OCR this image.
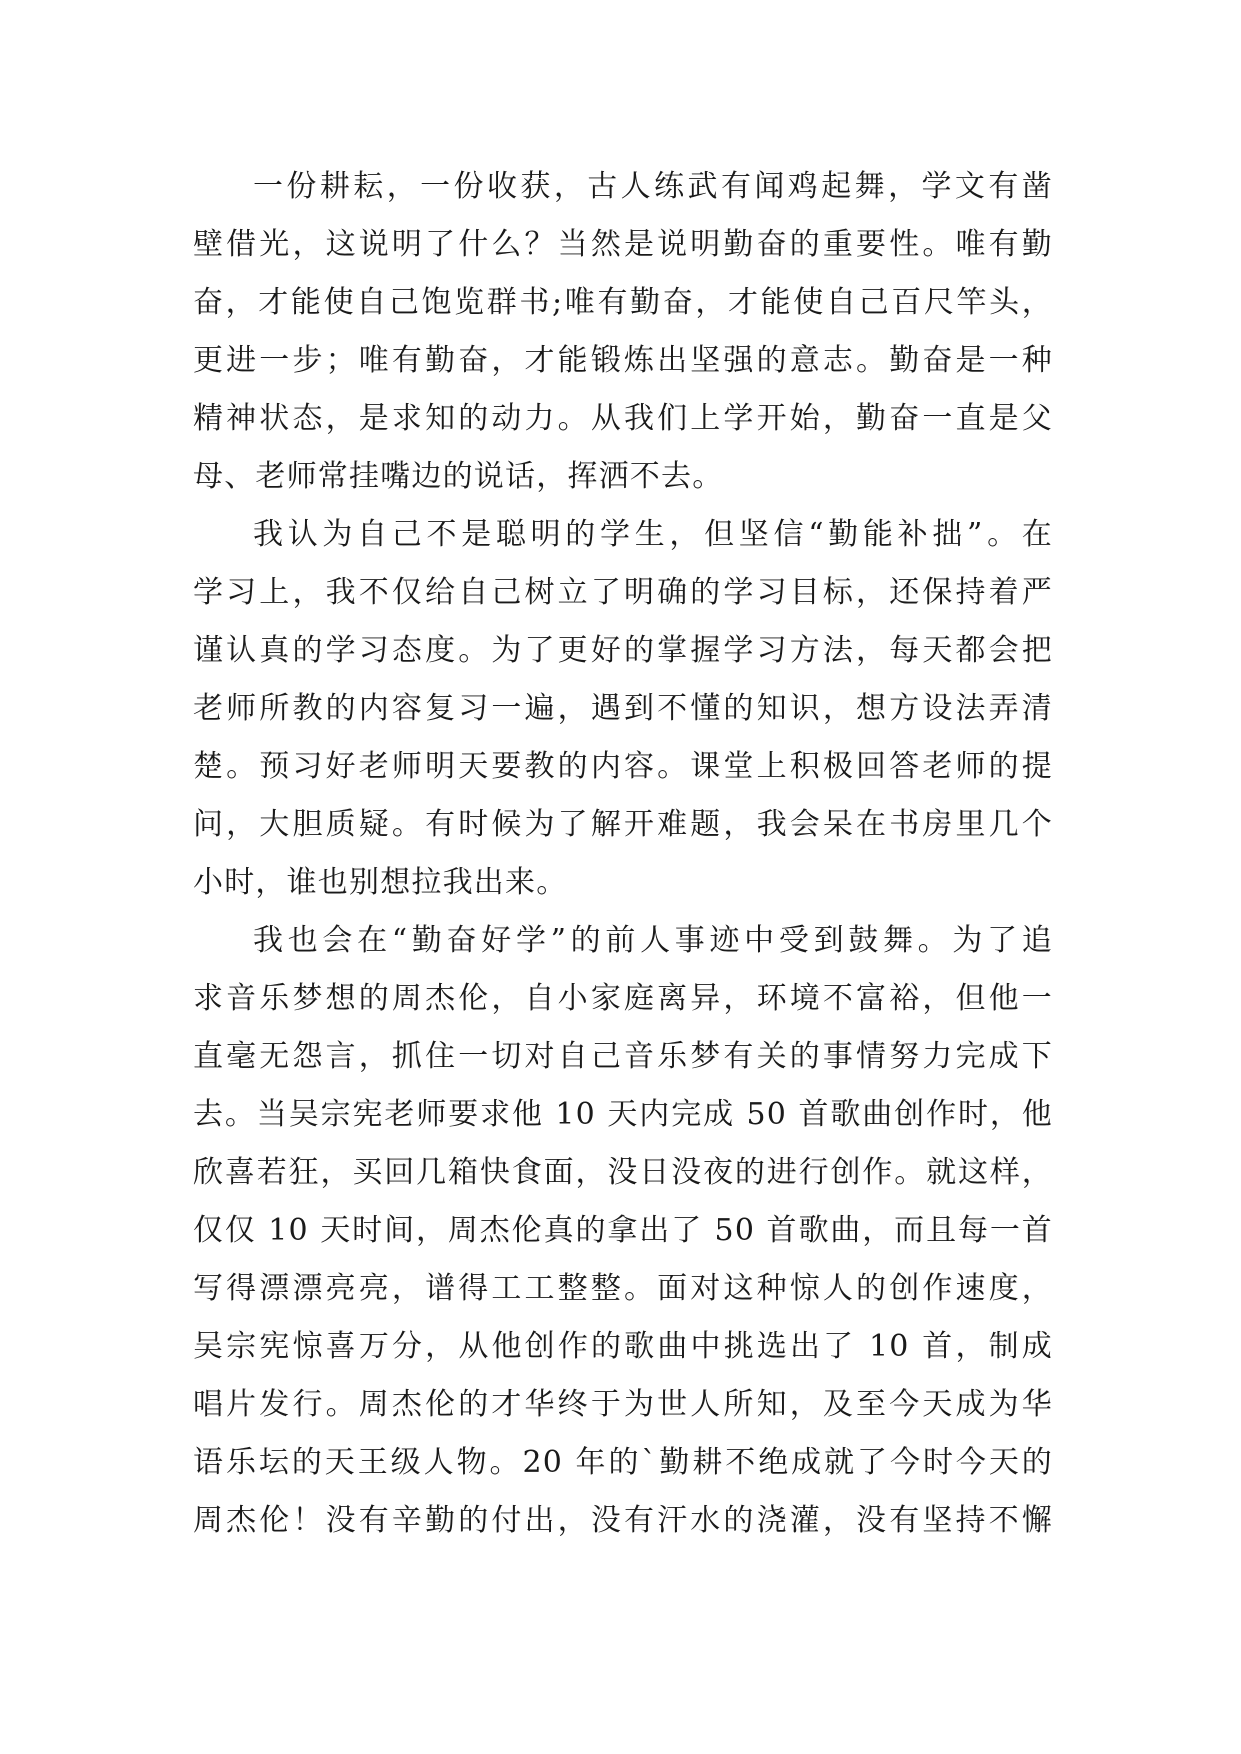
一份耕耘，一份收获，古人练武有闻鸡起舞，学文有凿
壁借光，这说明了什么？当然是说明勤奋的重要性。唯有勤
奋，才能使自己饱览群书;唯有勤奋，才能使自己百尺竿头，
更进一步；唯有勤奋，才能锻炼出坚强的意志。勤奋是一种
精神状态，是求知的动力。从我们上学开始，勤奋一直是父
母、老师常挂嘴边的说话，挥洒不去。
我认为自己不是聪明的学生，但坚信“勤能补拙”。在
学习上，我不仅给自己树立了明确的学习目标，还保持着严
谨认真的学习态度。为了更好的掌握学习方法，每天都会把
老师所教的内容复习一遍，遇到不懂的知识，想方设法弄清
楚。预习好老师明天要教的内容。课堂上积极回答老师的提
问，大胆质疑。有时候为了解开难题，我会呆在书房里几个
小时，谁也别想拉我出来。
我也会在“勤奋好学”的前人事迹中受到鼓舞。为了追
求音乐梦想的周杰伦，自小家庭离异，环境不富裕，但他一
直毫无怨言，抓住一切对自己音乐梦有关的事情努力完成下
去。当吴宗宪老师要求他 10 天内完成 50 首歌曲创作时，他
欣喜若狂，买回几箱快食面，没日没夜的进行创作。就这样，
仅仅 10 天时间，周杰伦真的拿出了 50 首歌曲，而且每一首
写得漂漂亮亮，谱得工工整整。面对这种惊人的创作速度，
吴宗宪惊喜万分，从他创作的歌曲中挑选出了 10 首，制成
唱片发行。周杰伦的才华终于为世人所知，及至今天成为华
语乐坛的天王级人物。20 年的`勤耕不绝成就了今时今天的
周杰伦！没有辛勤的付出，没有汗水的浇灌，没有坚持不懈
